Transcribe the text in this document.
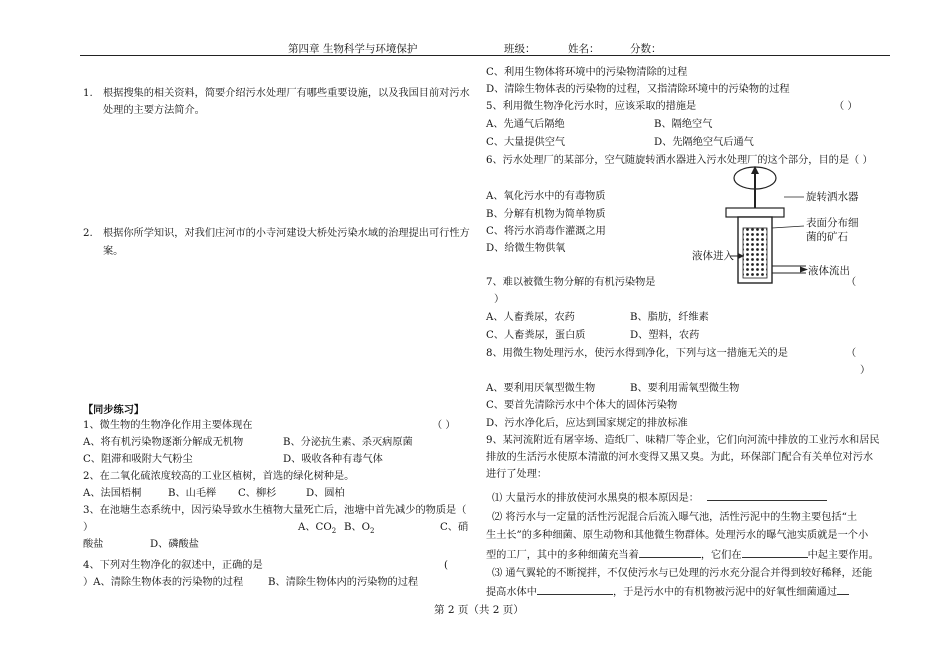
第四章 生物科学与环境保护	班级：	姓名：	分数：
1. 根据搜集的相关资料，简要介绍污水处理厂有哪些重要设施，以及我国目前对污水
处理的主要方法简介。
2. 根据你所学知识，对我们庄河市的小寺河建设大桥处污染水域的治理提出可行性方
案。
【同步练习】
1、微生物的生物净化作用主要体现在	（ ）
A、将有机污染物逐渐分解成无机物	B、分泌抗生素、杀灭病原菌
C、阻滞和吸附大气粉尘	D、吸收各种有毒气体
2、在二氧化硫浓度较高的工业区植树，首选的绿化树种是。
A、法国梧桐	B、山毛榉 C、柳杉	D、圆柏
3、在池塘生态系统中，因污染导致水生植物大量死亡后，池塘中首先减少的物质是（
）	A、$CO_2$ B、$O_2$	C、硝
酸盐	D、磷酸盐
4、下列对生物净化的叙述中，正确的是	(
）A、清除生物体表的污染物的过程 B、清除生物体内的污染物的过程
C、利用生物体将环境中的污染物清除的过程
D、清除生物体表的污染物的过程，又指清除环境中的污染物的过程
5、利用微生物净化污水时，应该采取的措施是	（ ）
A、先通气后隔绝	B、隔绝空气
C、大量提供空气	D、先隔绝空气后通气
6、污水处理厂的某部分，空气随旋转洒水器进入污水处理厂的这个部分，目的是（ ）
A、氧化污水中的有毒物质
B、分解有机物为简单物质
C、将污水消毒作灌溉之用
D、给微生物供氧
旋转洒水器
表面分布细
菌的矿石
液体进入
液体流出
7、难以被微生物分解的有机污染物是	（
）
A、人畜粪尿，农药	B、脂肪，纤维素
C、人畜粪尿，蛋白质	D、塑料，农药
8、用微生物处理污水，使污水得到净化，下列与这一措施无关的是	（
）
A、要利用厌氧型微生物	B、要利用需氧型微生物
C、要首先清除污水中个体大的固体污染物
D、污水净化后，应达到国家规定的排放标准
9、某河流附近有屠宰场、造纸厂、味精厂等企业，它们向河流中排放的工业污水和居民
排放的生活污水使原本清澈的河水变得又黑又臭。为此，环保部门配合有关单位对污水
进行了处理：
⑴ 大量污水的排放使河水黑臭的根本原因是：
⑵ 将污水与一定量的活性污泥混合后流入曝气池，活性污泥中的生物主要包括“土
生土长”的多种细菌、原生动物和其他微生物群体。处理污水的曝气池实质就是一个小
型的工厂，其中的多种细菌充当着	，它们在	中起主要作用。
⑶ 通气翼轮的不断搅拌，不仅使污水与已处理的污水充分混合并得到较好稀释，还能
提高水体中	，于是污水中的有机物被污泥中的好氧性细菌通过
第 2 页（共 2 页）
